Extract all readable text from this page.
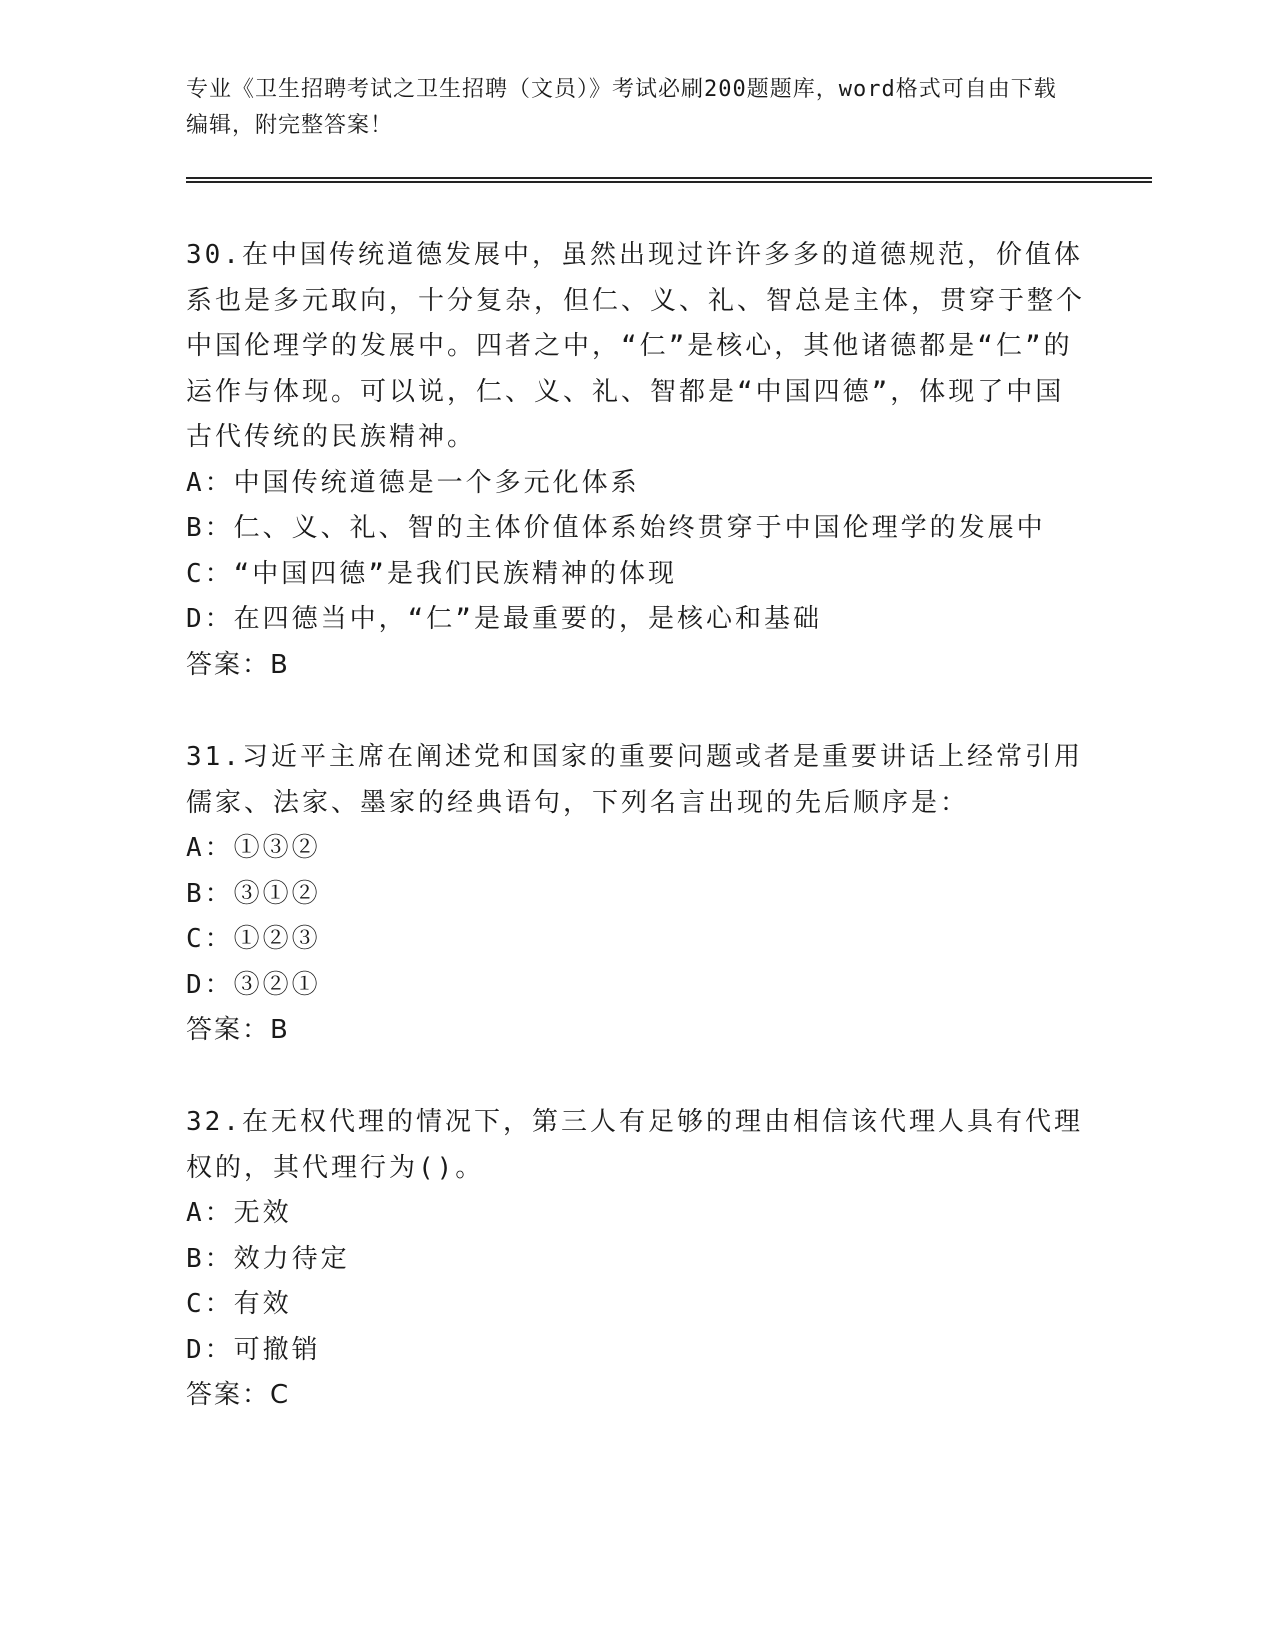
专业《卫生招聘考试之卫生招聘（文员）》考试必刷200题题库，word格式可自由下载编辑，附完整答案！

30.在中国传统道德发展中，虽然出现过许许多多的道德规范，价值体系也是多元取向，十分复杂，但仁、义、礼、智总是主体，贯穿于整个中国伦理学的发展中。四者之中，“仁”是核心，其他诸德都是“仁”的运作与体现。可以说，仁、义、礼、智都是“中国四德”，体现了中国古代传统的民族精神。

A：中国传统道德是一个多元化体系

B：仁、义、礼、智的主体价值体系始终贯穿于中国伦理学的发展中

C：“中国四德”是我们民族精神的体现

D：在四德当中，“仁”是最重要的，是核心和基础

答案：B

31.习近平主席在阐述党和国家的重要问题或者是重要讲话上经常引用儒家、法家、墨家的经典语句，下列名言出现的先后顺序是：

A：①③②

B：③①②

C：①②③

D：③②①

答案：B

32.在无权代理的情况下，第三人有足够的理由相信该代理人具有代理权的，其代理行为()。

A：无效

B：效力待定

C：有效

D：可撤销

答案：C
